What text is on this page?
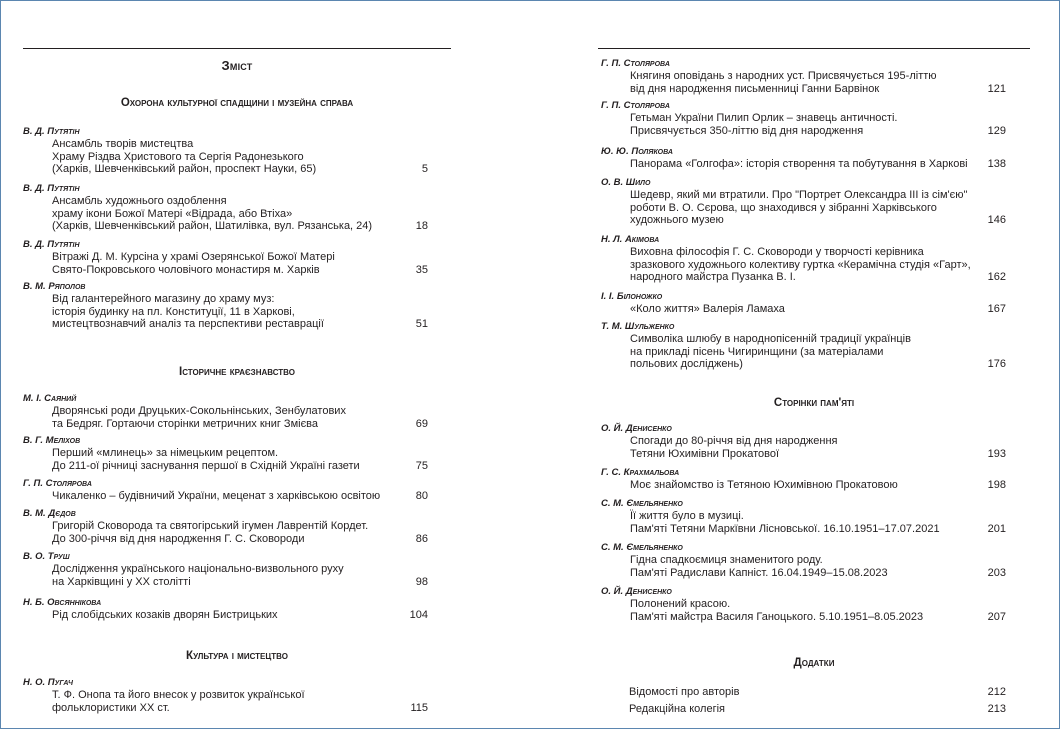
Зміст
Охорона культурної спадщини і музейна справа
В. Д. Путятін
Ансамбль творів мистецтва
Храму Різдва Христового та Сергія Радонезького
(Харків, Шевченківський район, проспект Науки, 65)	5
В. Д. Путятін
Ансамбль художнього оздоблення
храму ікони Божої Матері «Відрада, або Втіха»
(Харків, Шевченківський район, Шатилівка, вул. Рязанська, 24)	18
В. Д. Путятін
Вітражі Д. М. Курсіна у храмі Озерянської Божої Матері
Свято-Покровського чоловічого монастиря м. Харків	35
В. М. Ряполов
Від галантерейного магазину до храму муз:
історія будинку на пл. Конституції, 11 в Харкові,
мистецтвознавчий аналіз та перспективи реставрації	51
Історичне краєзнавство
М. І. Саяний
Дворянські роди Друцьких-Сокольнінських, Зенбулатових
та Бедряг. Гортаючи сторінки метричних книг Змієва	69
В. Г. Меліхов
Перший «млинець» за німецьким рецептом.
До 211-ої річниці заснування першої в Східній Україні газети	75
Г. П. Столярова
Чикаленко – будівничий України, меценат з харківською освітою	80
В. М. Дєдов
Григорій Сковорода та святогірський ігумен Лаврентій Кордет.
До 300-річчя від дня народження Г. С. Сковороди	86
В. О. Труш
Дослідження українського національно-визвольного руху
на Харківщині у ХХ столітті	98
Н. Б. Овсяннікова
Рід слобідських козаків дворян Бистрицьких	104
Культура і мистецтво
Н. О. Пугач
Т. Ф. Онопа та його внесок у розвиток української
фольклористики ХХ ст.	115
Г. П. Столярова
Княгиня оповідань з народних уст. Присвячується 195-літтю
від дня народження письменниці Ганни Барвінок	121
Г. П. Столярова
Гетьман України Пилип Орлик – знавець античності.
Присвячується 350-літтю від дня народження	129
Ю. Ю. Полякова
Панорама «Голгофа»: історія створення та побутування в Харкові 138
О. В. Шило
Шедевр, який ми втратили. Про "Портрет Олександра ІІІ із сім'єю"
роботи В. О. Сєрова, що знаходився у зібранні Харківського
художнього музею	146
Н. Л. Акімова
Виховна філософія Г. С. Сковороди у творчості керівника
зразкового художнього колективу гуртка «Керамічна студія «Гарт»,
народного майстра Пузанка В. І.	162
І. І. Білоножко
«Коло життя» Валерія Ламаха	167
Т. М. Шульженко
Символіка шлюбу в народнопісенній традиції українців
на прикладі пісень Чигиринщини (за матеріалами
польових досліджень)	176
Сторінки пам'яті
О. Й. Денисенко
Спогади до 80-річчя від дня народження
Тетяни Юхимівни Прокатової	193
Г. С. Крахмальова
Моє знайомство із Тетяною Юхимівною Прокатовою	198
С. М. Ємельяненко
Її життя було в музиці.
Пам'яті Тетяни Маркївни Лісновської. 16.10.1951–17.07.2021	201
С. М. Ємельяненко
Гідна спадкоємиця знаменитого роду.
Пам'яті Радислави Капніст. 16.04.1949–15.08.2023	203
О. Й. Денисенко
Полонений красою.
Пам'яті майстра Василя Ганоцького. 5.10.1951–8.05.2023	207
Додатки
Відомості про авторів	212
Редакційна колегія	213
